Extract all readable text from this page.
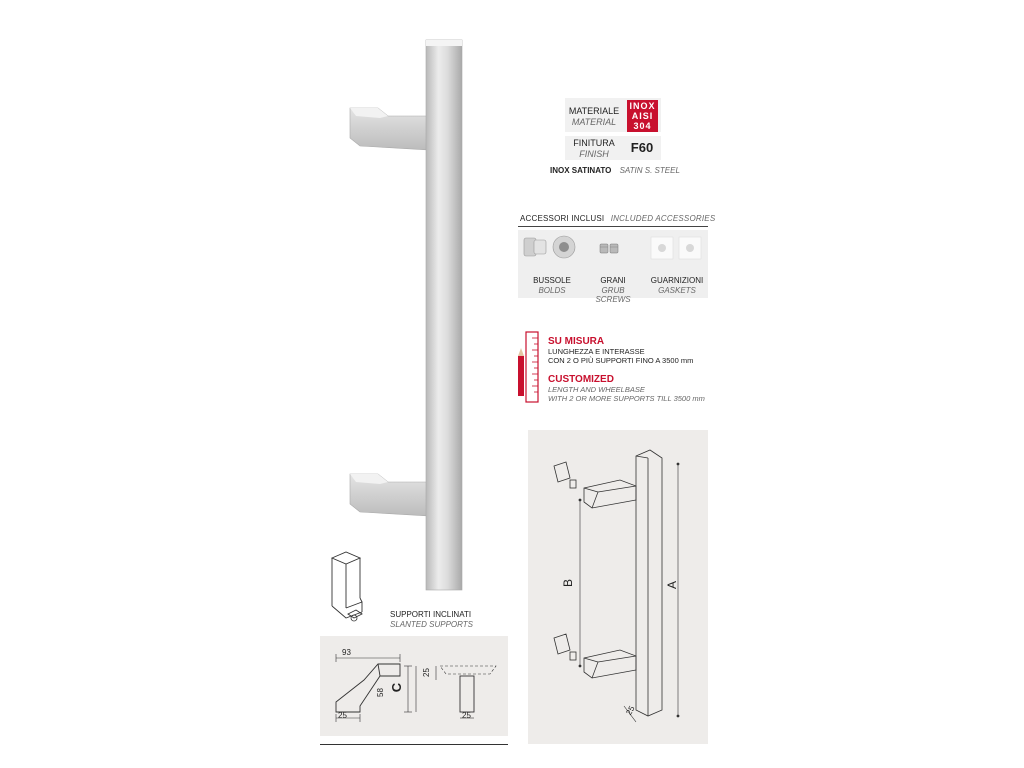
MATERIALE
MATERIAL
INOX
AISI
304
FINITURA
FINISH	F60
INOX SATINATO SATIN S. STEEL
ACCESSORI INCLUSI INCLUDED ACCESSORIES
BUSSOLE
BOLDS
GRANI
GRUB SCREWS
GUARNIZIONI
GASKETS
SU MISURA
LUNGHEZZA E INTERASSE
CON 2 O PIÙ SUPPORTI FINO A 3500 mm
CUSTOMIZED
LENGTH AND WHEELBASE
WITH 2 OR MORE SUPPORTS TILL 3500 mm
SUPPORTI INCLINATI
SLANTED SUPPORTS
93
25
58
C
25
25
B	A
25
